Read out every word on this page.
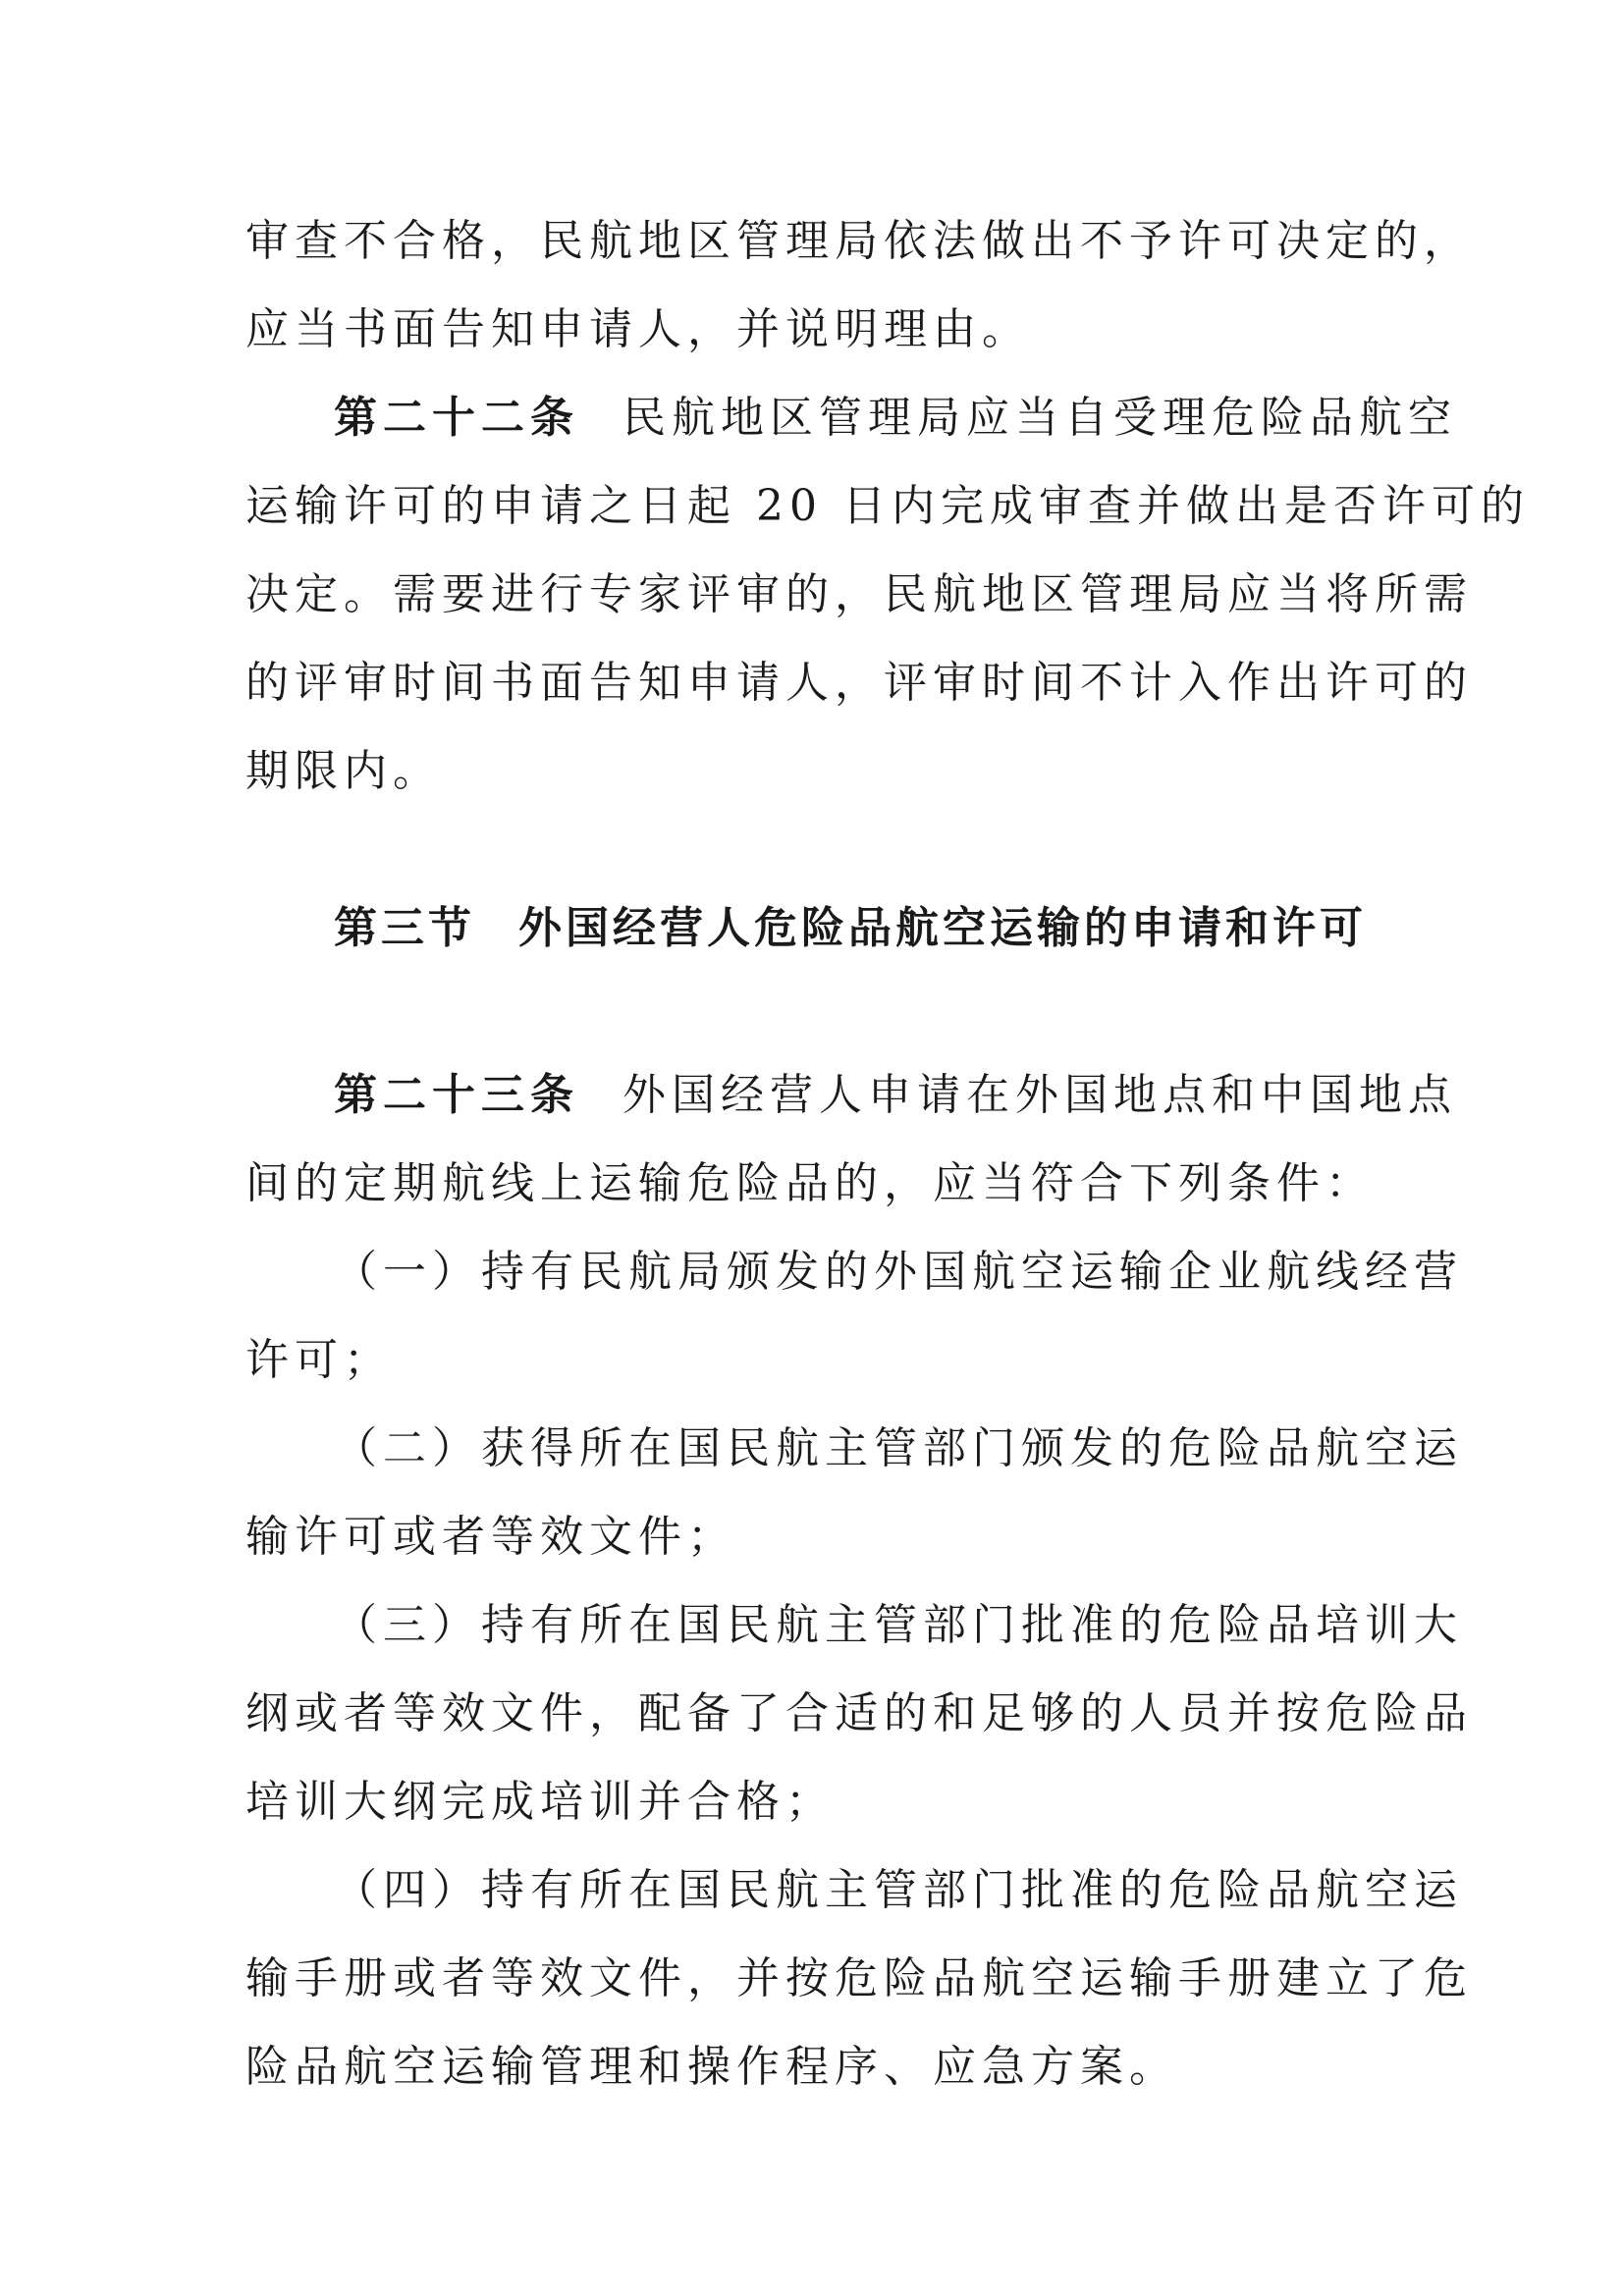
审查不合格，民航地区管理局依法做出不予许可决定的，
应当书面告知申请人，并说明理由。
第二十二条 民航地区管理局应当自受理危险品航空
运输许可的申请之日起 20 日内完成审查并做出是否许可的
决定。需要进行专家评审的，民航地区管理局应当将所需
的评审时间书面告知申请人，评审时间不计入作出许可的
期限内。
第三节 外国经营人危险品航空运输的申请和许可
第二十三条 外国经营人申请在外国地点和中国地点
间的定期航线上运输危险品的，应当符合下列条件：
（一）持有民航局颁发的外国航空运输企业航线经营
许可；
（二）获得所在国民航主管部门颁发的危险品航空运
输许可或者等效文件；
（三）持有所在国民航主管部门批准的危险品培训大
纲或者等效文件，配备了合适的和足够的人员并按危险品
培训大纲完成培训并合格；
（四）持有所在国民航主管部门批准的危险品航空运
输手册或者等效文件，并按危险品航空运输手册建立了危
险品航空运输管理和操作程序、应急方案。
